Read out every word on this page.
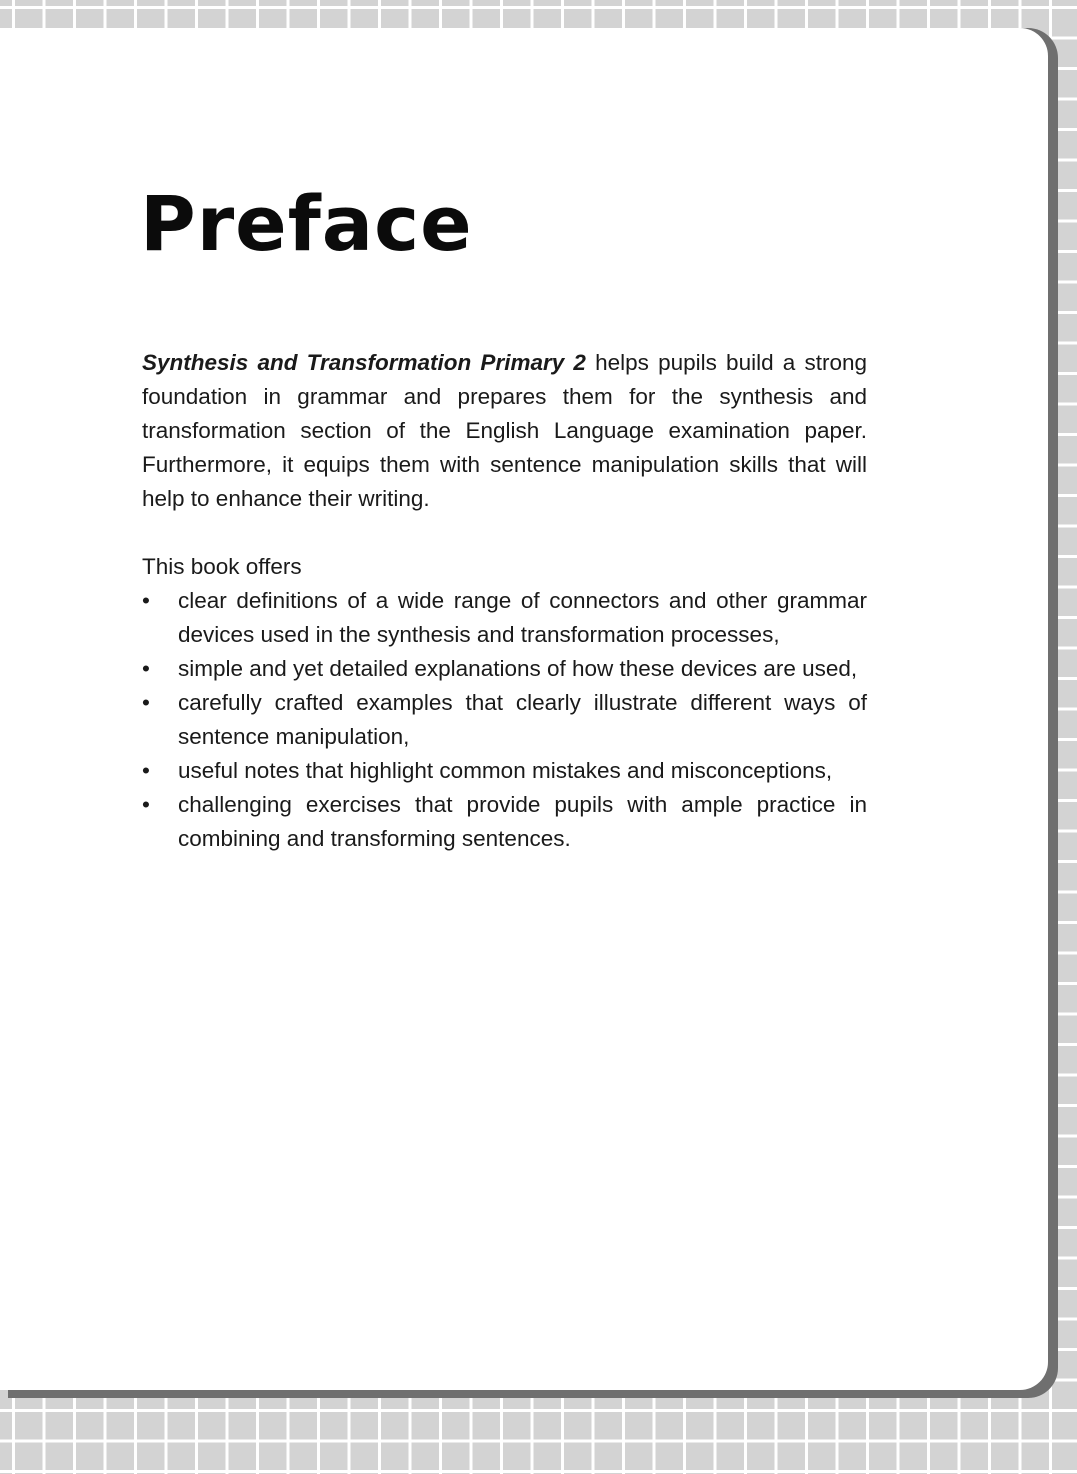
Preface

Synthesis and Transformation Primary 2 helps pupils build a strong foundation in grammar and prepares them for the synthesis and transformation section of the English Language examination paper. Furthermore, it equips them with sentence manipulation skills that will help to enhance their writing.

This book offers

• clear definitions of a wide range of connectors and other grammar devices used in the synthesis and transformation processes,
• simple and yet detailed explanations of how these devices are used,
• carefully crafted examples that clearly illustrate different ways of sentence manipulation,
• useful notes that highlight common mistakes and misconceptions,
• challenging exercises that provide pupils with ample practice in combining and transforming sentences.
